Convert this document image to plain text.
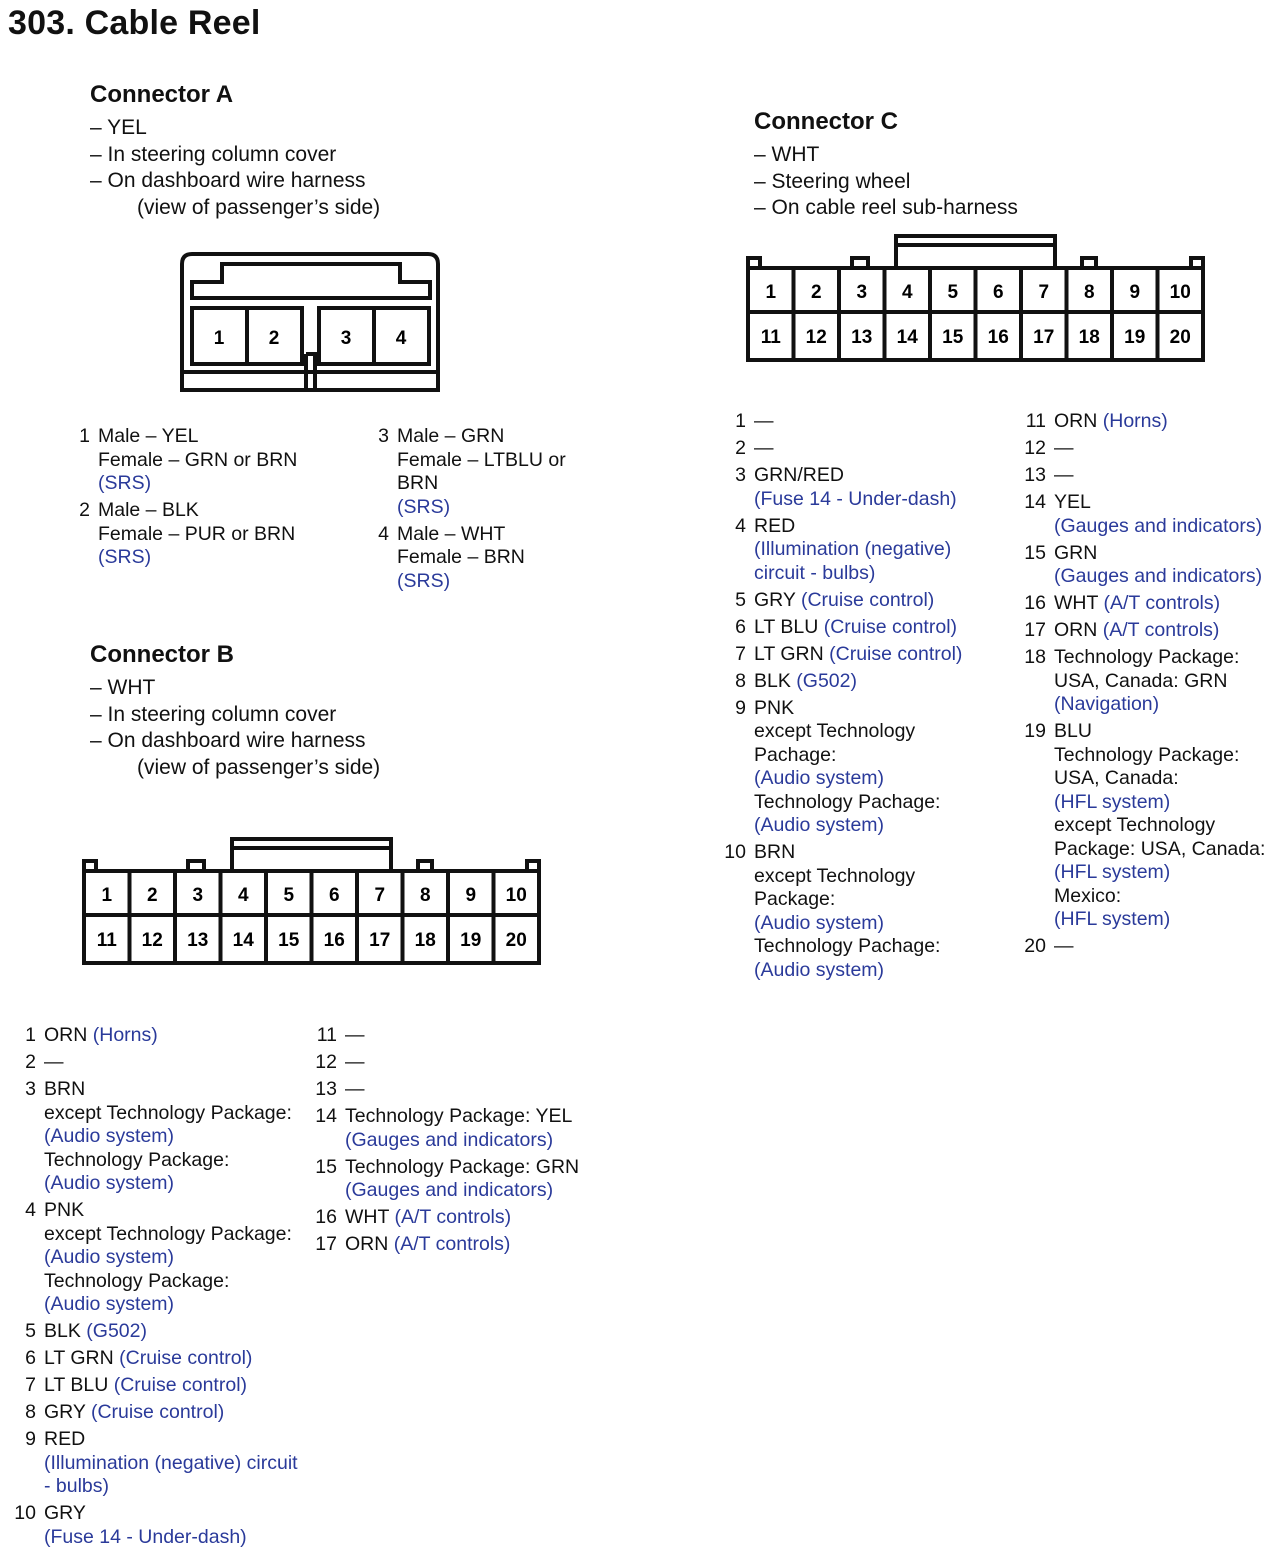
303. Cable Reel
Connector A
– YEL
– In steering column cover
– On dashboard wire harness
(view of passenger’s side)
1 2	3 4
1 Male – YEL
Female – GRN or BRN
(SRS)
2 Male – BLK
Female – PUR or BRN
(SRS)
3 Male – GRN
Female – LTBLU or
BRN
(SRS)
4 Male – WHT
Female – BRN
(SRS)
Connector B
– WHT
– In steering column cover
– On dashboard wire harness
(view of passenger’s side)
1 2 3 4 5 6 7 8 9 10
11 12 13 14 15 16 17 18 19 20
1 ORN (Horns)
2 —
3 BRN
except Technology Package:
(Audio system)
Technology Package:
(Audio system)
4 PNK
except Technology Package:
(Audio system)
Technology Package:
(Audio system)
5 BLK (G502)
6 LT GRN (Cruise control)
7 LT BLU (Cruise control)
8 GRY (Cruise control)
9 RED
(Illumination (negative) circuit
- bulbs)
10 GRY
(Fuse 14 - Under-dash)
11 —
12 —
13 —
14 Technology Package: YEL
(Gauges and indicators)
15 Technology Package: GRN
(Gauges and indicators)
16 WHT (A/T controls)
17 ORN (A/T controls)
Connector C
– WHT
– Steering wheel
– On cable reel sub-harness
1 2 3 4 5 6 7 8 9 10
11 12 13 14 15 16 17 18 19 20
1 —
2 —
3 GRN/RED
(Fuse 14 - Under-dash)
4 RED
(Illumination (negative)
circuit - bulbs)
5 GRY (Cruise control)
6 LT BLU (Cruise control)
7 LT GRN (Cruise control)
8 BLK (G502)
9 PNK
except Technology
Pachage:
(Audio system)
Technology Pachage:
(Audio system)
10 BRN
except Technology
Package:
(Audio system)
Technology Pachage:
(Audio system)
11 ORN (Horns)
12 —
13 —
14 YEL
(Gauges and indicators)
15 GRN
(Gauges and indicators)
16 WHT (A/T controls)
17 ORN (A/T controls)
18 Technology Package:
USA, Canada: GRN
(Navigation)
19 BLU
Technology Package:
USA, Canada:
(HFL system)
except Technology
Package: USA, Canada:
(HFL system)
Mexico:
(HFL system)
20 —
